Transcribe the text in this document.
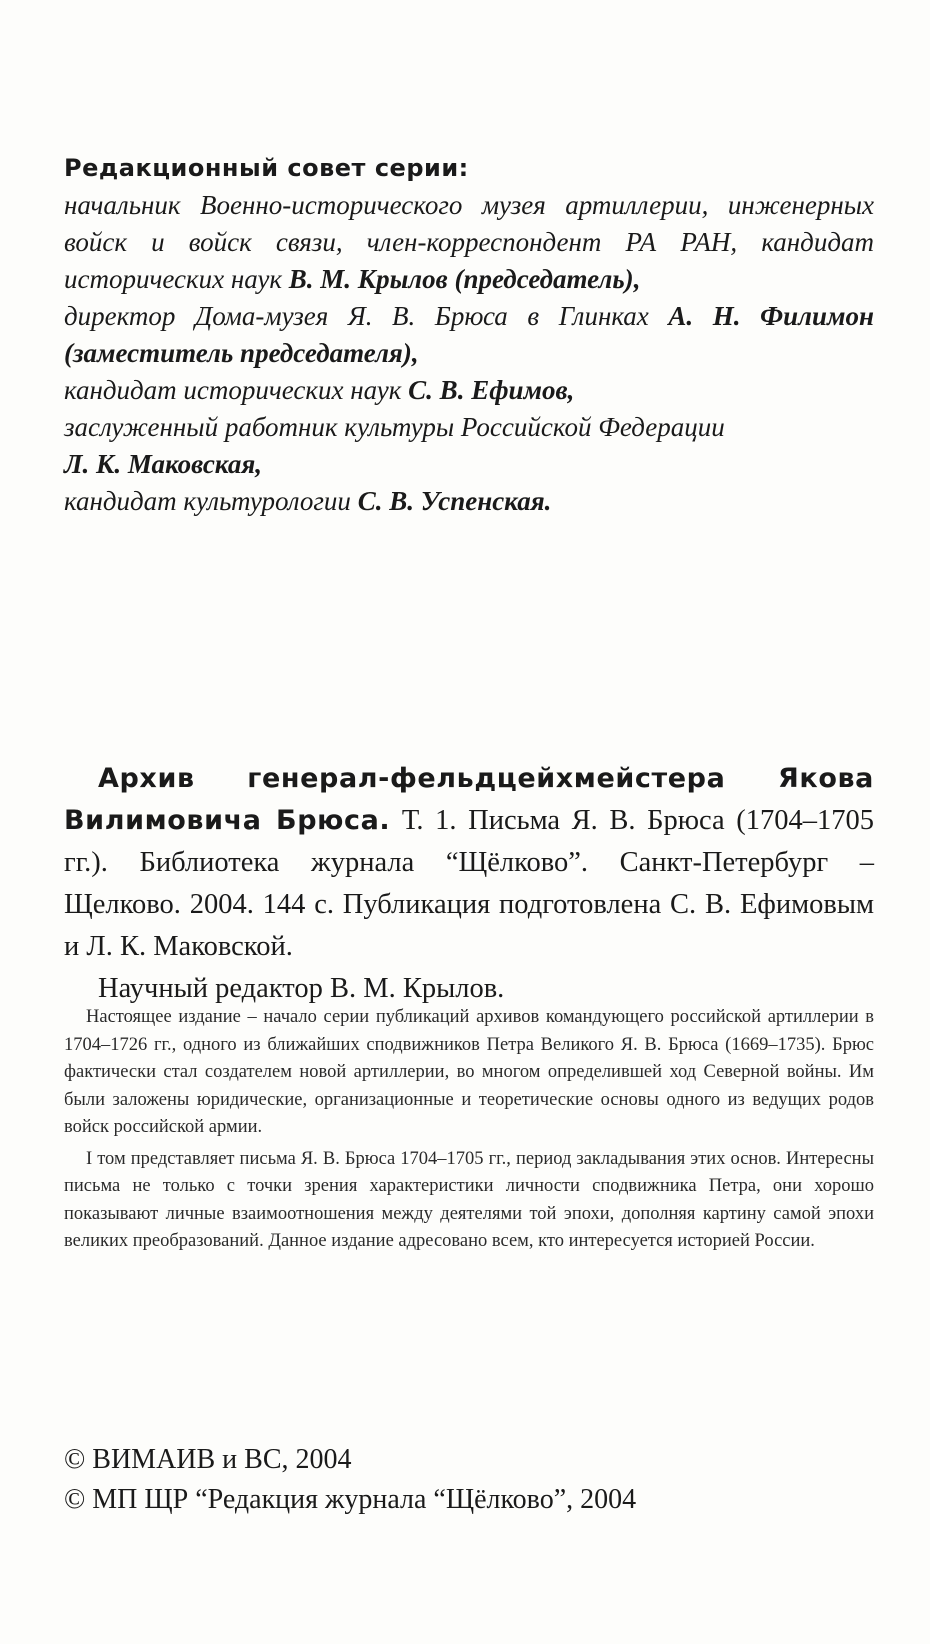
Редакционный совет серии:

начальник Военно-исторического музея артиллерии, инженерных войск и войск связи, член-корреспондент РА РАН, кандидат исторических наук В. М. Крылов (председатель),

директор Дома-музея Я. В. Брюса в Глинках А. Н. Филимон (заместитель председателя),

кандидат исторических наук С. В. Ефимов,

заслуженный работник культуры Российской Федерации
Л. К. Маковская,

кандидат культурологии С. В. Успенская.

Архив генерал-фельдцейхмейстера Якова Вилимовича Брюса. Т. 1. Письма Я. В. Брюса (1704–1705 гг.). Библиотека журнала “Щёлково”. Санкт-Петербург – Щелково. 2004. 144 с. Публикация подготовлена С. В. Ефимовым и Л. К. Маковской.

Научный редактор В. М. Крылов.

Настоящее издание – начало серии публикаций архивов командующего российской артиллерии в 1704–1726 гг., одного из ближайших сподвижников Петра Великого Я. В. Брюса (1669–1735). Брюс фактически стал создателем новой артиллерии, во многом определившей ход Северной войны. Им были заложены юридические, организационные и теоретические основы одного из ведущих родов войск российской армии.

I том представляет письма Я. В. Брюса 1704–1705 гг., период закладывания этих основ. Интересны письма не только с точки зрения характеристики личности сподвижника Петра, они хорошо показывают личные взаимоотношения между деятелями той эпохи, дополняя картину самой эпохи великих преобразований. Данное издание адресовано всем, кто интересуется историей России.

© ВИМАИВ и ВС, 2004
© МП ЩР “Редакция журнала “Щёлково”, 2004
